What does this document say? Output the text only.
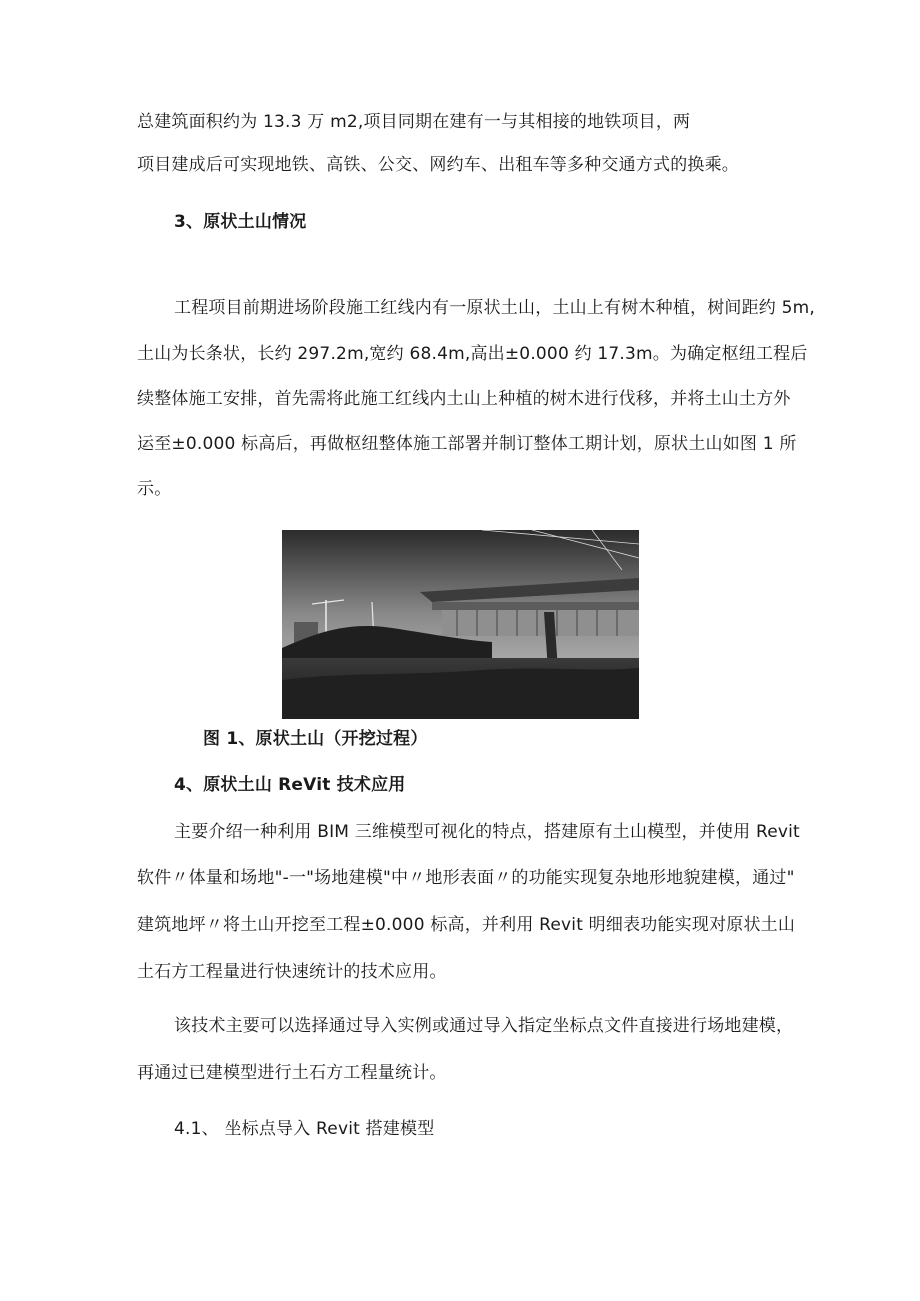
总建筑面积约为 13.3 万 m2,项目同期在建有一与其相接的地铁项目，两
项目建成后可实现地铁、高铁、公交、网约车、出租车等多种交通方式的换乘。
3、原状土山情况
工程项目前期进场阶段施工红线内有一原状土山，土山上有树木种植，树间距约 5m,
土山为长条状，长约 297.2m,宽约 68.4m,高出±0.000 约 17.3m。为确定枢纽工程后
续整体施工安排，首先需将此施工红线内土山上种植的树木进行伐移，并将土山土方外
运至±0.000 标高后，再做枢纽整体施工部署并制订整体工期计划，原状土山如图 1 所
示。
图 1、原状土山（开挖过程）
4、原状土山 ReVit 技术应用
主要介绍一种利用 BIM 三维模型可视化的特点，搭建原有土山模型，并使用 Revit
软件〃体量和场地"-一"场地建模"中〃地形表面〃的功能实现复杂地形地貌建模，通过"
建筑地坪〃将土山开挖至工程±0.000 标高，并利用 Revit 明细表功能实现对原状土山
土石方工程量进行快速统计的技术应用。
该技术主要可以选择通过导入实例或通过导入指定坐标点文件直接进行场地建模，
再通过已建模型进行土石方工程量统计。
4.1、 坐标点导入 Revit 搭建模型
